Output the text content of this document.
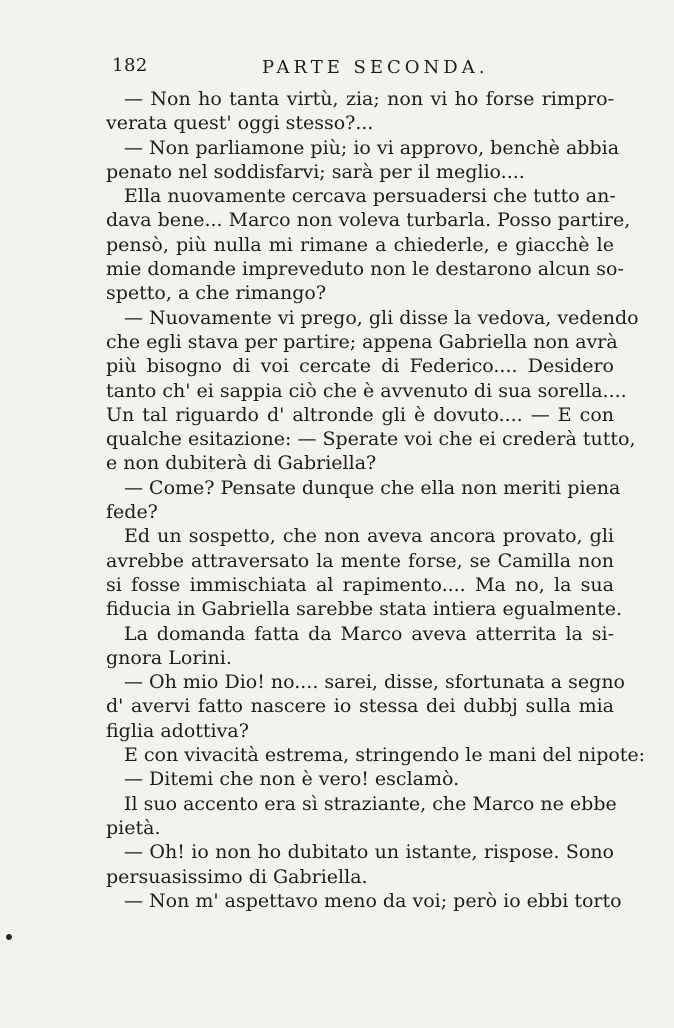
182	PARTE SECONDA.
— Non ho tanta virtù, zia; non vi ho forse rimpro-
verata quest' oggi stesso?...
— Non parliamone più; io vi approvo, benchè abbia
penato nel soddisfarvi; sarà per il meglio....
Ella nuovamente cercava persuadersi che tutto an-
dava bene... Marco non voleva turbarla. Posso partire,
pensò, più nulla mi rimane a chiederle, e giacchè le
mie domande impreveduto non le destarono alcun so-
spetto, a che rimango?
— Nuovamente vi prego, gli disse la vedova, vedendo
che egli stava per partire; appena Gabriella non avrà
più bisogno di voi cercate di Federico.... Desidero
tanto ch' ei sappia ciò che è avvenuto di sua sorella....
Un tal riguardo d' altronde gli è dovuto.... — E con
qualche esitazione: — Sperate voi che ei crederà tutto,
e non dubiterà di Gabriella?
— Come? Pensate dunque che ella non meriti piena
fede?
Ed un sospetto, che non aveva ancora provato, gli
avrebbe attraversato la mente forse, se Camilla non
si fosse immischiata al rapimento.... Ma no, la sua
fiducia in Gabriella sarebbe stata intiera egualmente.
La domanda fatta da Marco aveva atterrita la si-
gnora Lorini.
— Oh mio Dio! no.... sarei, disse, sfortunata a segno
d' avervi fatto nascere io stessa dei dubbj sulla mia
figlia adottiva?
E con vivacità estrema, stringendo le mani del nipote:
— Ditemi che non è vero! esclamò.
Il suo accento era sì straziante, che Marco ne ebbe
pietà.
— Oh! io non ho dubitato un istante, rispose. Sono
persuasissimo di Gabriella.
— Non m' aspettavo meno da voi; però io ebbi torto
